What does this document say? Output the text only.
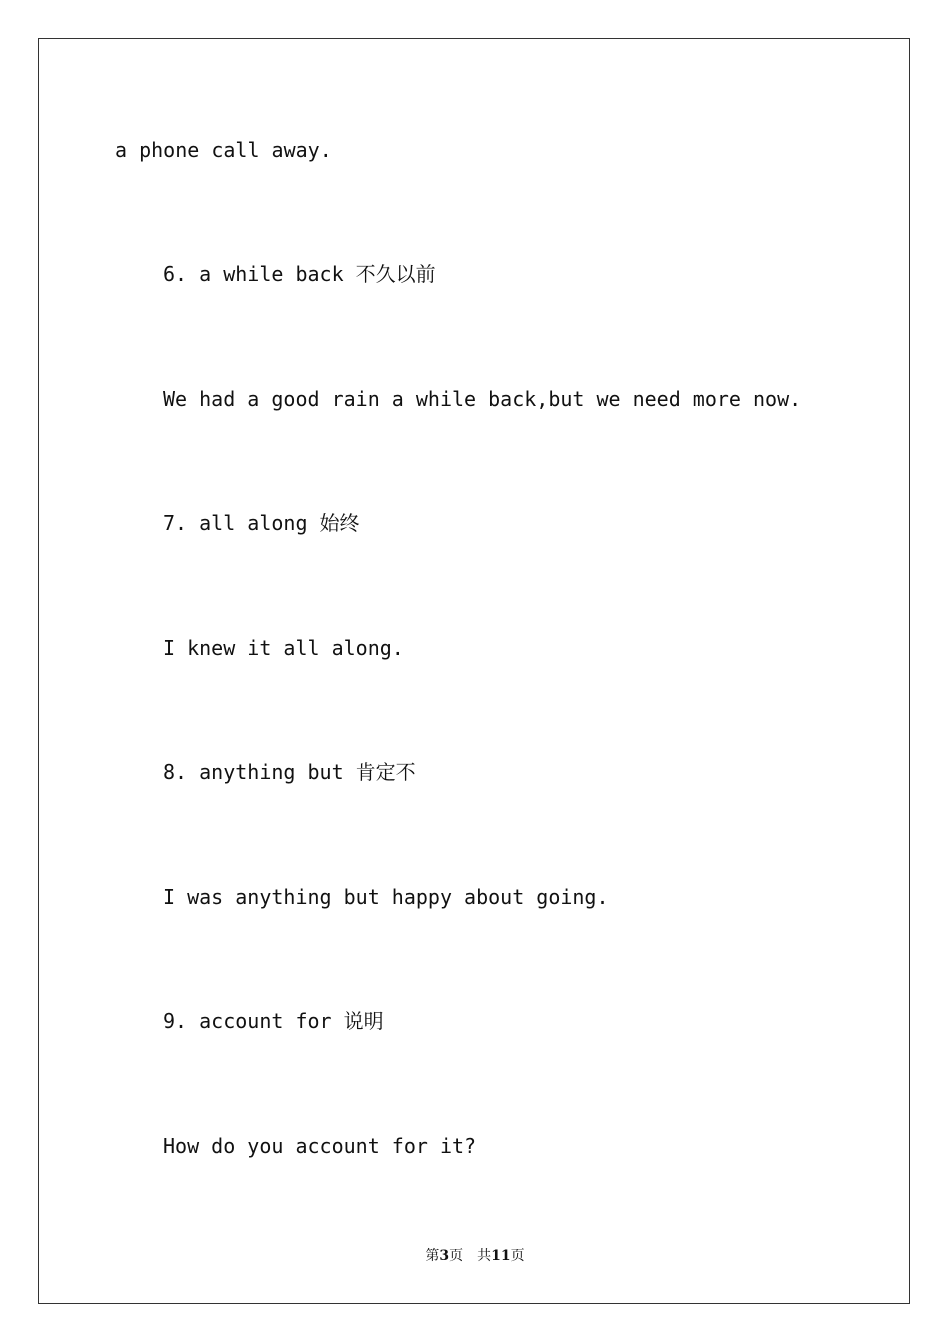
a phone call away.
6. a while back 不久以前
We had a good rain a while back,but we need more now.
7. all along 始终
I knew it all along.
8. anything but 肯定不
I was anything but happy about going.
9. account for 说明
How do you account for it?
第3页 共11页
